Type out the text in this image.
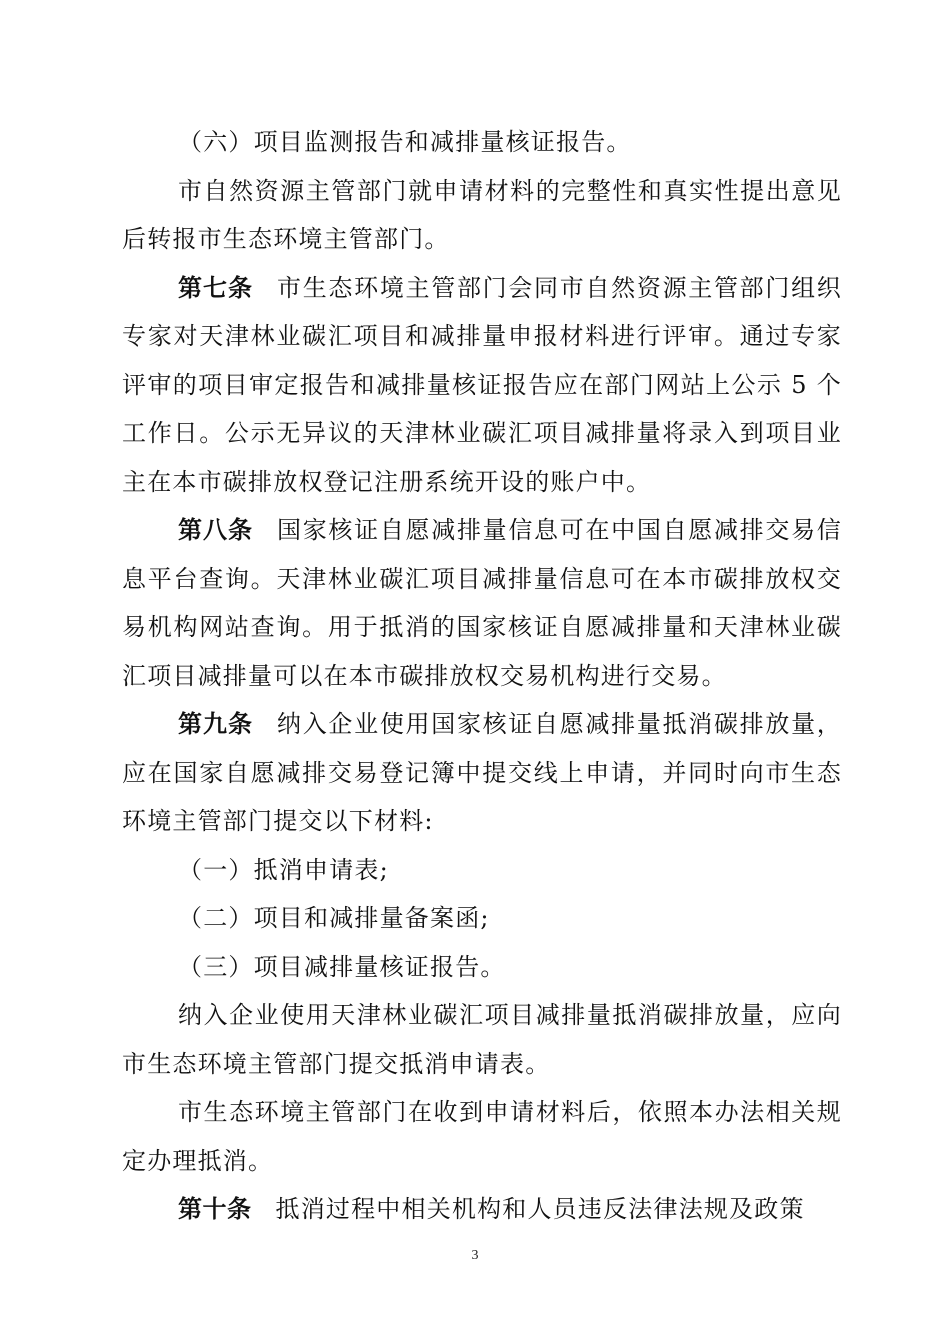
（六）项目监测报告和减排量核证报告。

市自然资源主管部门就申请材料的完整性和真实性提出意见后转报市生态环境主管部门。

第七条 市生态环境主管部门会同市自然资源主管部门组织专家对天津林业碳汇项目和减排量申报材料进行评审。通过专家评审的项目审定报告和减排量核证报告应在部门网站上公示 5 个工作日。公示无异议的天津林业碳汇项目减排量将录入到项目业主在本市碳排放权登记注册系统开设的账户中。

第八条 国家核证自愿减排量信息可在中国自愿减排交易信息平台查询。天津林业碳汇项目减排量信息可在本市碳排放权交易机构网站查询。用于抵消的国家核证自愿减排量和天津林业碳汇项目减排量可以在本市碳排放权交易机构进行交易。

第九条 纳入企业使用国家核证自愿减排量抵消碳排放量，应在国家自愿减排交易登记簿中提交线上申请，并同时向市生态环境主管部门提交以下材料:

（一）抵消申请表;

（二）项目和减排量备案函;

（三）项目减排量核证报告。

纳入企业使用天津林业碳汇项目减排量抵消碳排放量，应向市生态环境主管部门提交抵消申请表。

市生态环境主管部门在收到申请材料后，依照本办法相关规定办理抵消。

第十条 抵消过程中相关机构和人员违反法律法规及政策

3
